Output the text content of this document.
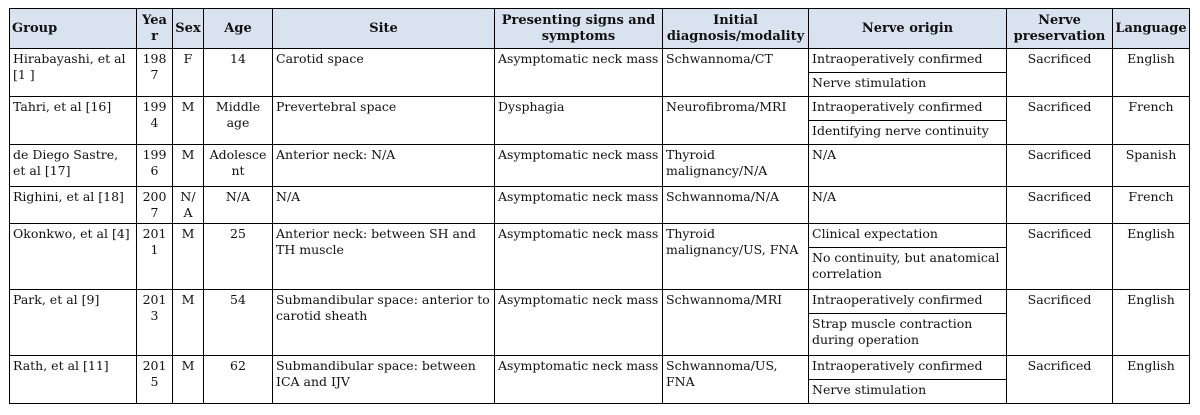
Group	Year	Sex	Age	Site	Presenting signs and symptoms	Initial diagnosis/modality	Nerve origin	Nerve preservation	Language
Hirabayashi, et al [1 ]	1987	F	14	Carotid space	Asymptomatic neck mass	Schwannoma/CT	Intraoperatively confirmed	Sacrificed	English
							Nerve stimulation		
Tahri, et al [16]	1994	M	Middle age	Prevertebral space	Dysphagia	Neurofibroma/MRI	Intraoperatively confirmed	Sacrificed	French
							Identifying nerve continuity		
de Diego Sastre, et al [17]	1996	M	Adolescent	Anterior neck: N/A	Asymptomatic neck mass	Thyroid malignancy/N/A	N/A	Sacrificed	Spanish
Righini, et al [18]	2007	N/A	N/A	N/A	Asymptomatic neck mass	Schwannoma/N/A	N/A	Sacrificed	French
Okonkwo, et al [4]	2011	M	25	Anterior neck: between SH and TH muscle	Asymptomatic neck mass	Thyroid malignancy/US, FNA	Clinical expectation	Sacrificed	English
							No continuity, but anatomical correlation		
Park, et al [9]	2013	M	54	Submandibular space: anterior to carotid sheath	Asymptomatic neck mass	Schwannoma/MRI	Intraoperatively confirmed	Sacrificed	English
							Strap muscle contraction during operation		
Rath, et al [11]	2015	M	62	Submandibular space: between ICA and IJV	Asymptomatic neck mass	Schwannoma/US, FNA	Intraoperatively confirmed	Sacrificed	English
							Nerve stimulation		
